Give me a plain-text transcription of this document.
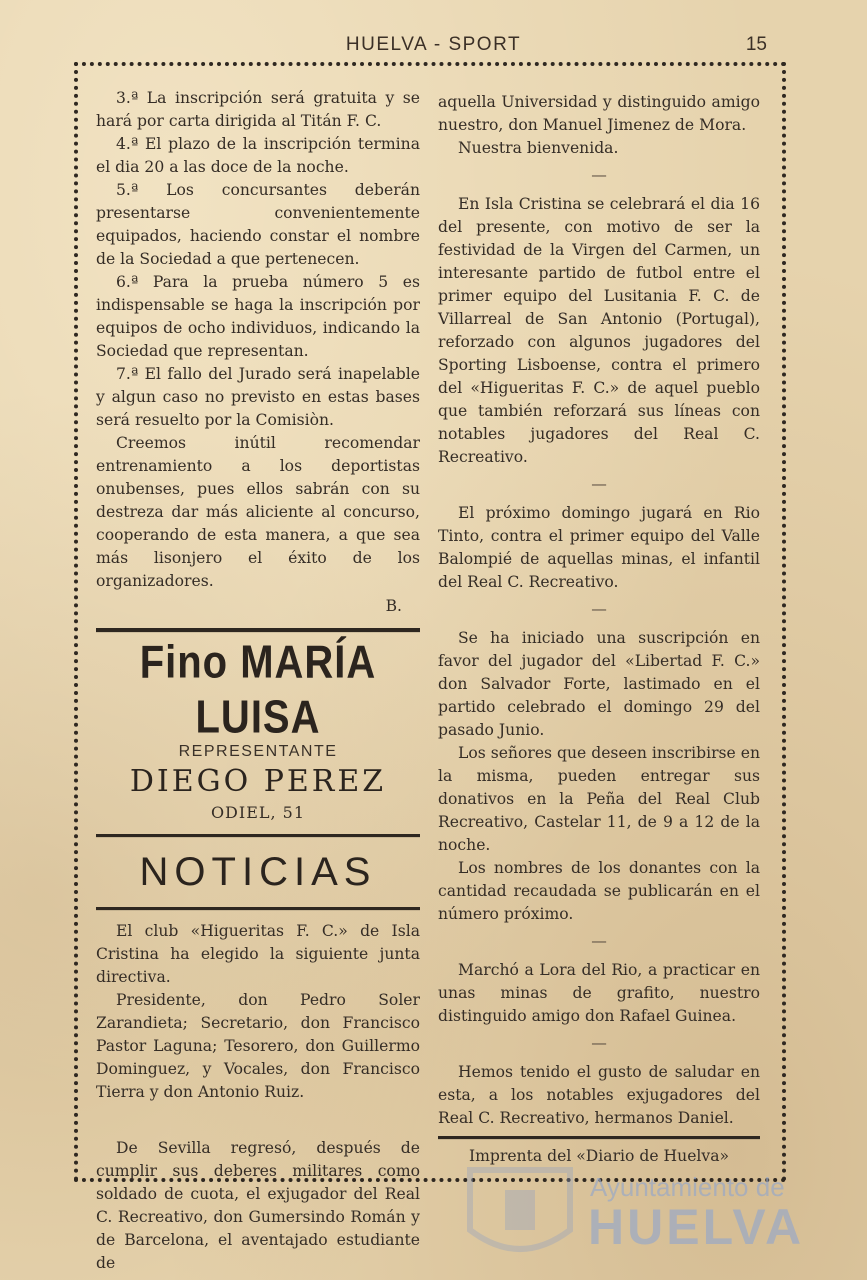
HUELVA - SPORT	15

3.ª La inscripción será gratuita y se hará por carta dirigida al Titán F. C.

4.ª El plazo de la inscripción termina el dia 20 a las doce de la noche.

5.ª Los concursantes deberán presentarse convenientemente equipados, haciendo constar el nombre de la Sociedad a que pertenecen.

6.ª Para la prueba número 5 es indispensable se haga la inscripción por equipos de ocho individuos, indicando la Sociedad que representan.

7.ª El fallo del Jurado será inapelable y algun caso no previsto en estas bases será resuelto por la Comisiòn.

Creemos inútil recomendar entrenamiento a los deportistas onubenses, pues ellos sabrán con su destreza dar más aliciente al concurso, cooperando de esta manera, a que sea más lisonjero el éxito de los organizadores.

B.
Fino MARÍA LUISA
REPRESENTANTE
DIEGO PEREZ
ODIEL, 51
NOTICIAS

El club «Higueritas F. C.» de Isla Cristina ha elegido la siguiente junta directiva.

Presidente, don Pedro Soler Zarandieta; Secretario, don Francisco Pastor Laguna; Tesorero, don Guillermo Dominguez, y Vocales, don Francisco Tierra y don Antonio Ruiz.

De Sevilla regresó, después de cumplir sus deberes militares como soldado de cuota, el exjugador del Real C. Recreativo, don Gumersindo Román y de Barcelona, el aventajado estudiante de

aquella Universidad y distinguido amigo nuestro, don Manuel Jimenez de Mora.

Nuestra bienvenida.

—

En Isla Cristina se celebrará el dia 16 del presente, con motivo de ser la festividad de la Virgen del Carmen, un interesante partido de futbol entre el primer equipo del Lusitania F. C. de Villarreal de San Antonio (Portugal), reforzado con algunos jugadores del Sporting Lisboense, contra el primero del «Higueritas F. C.» de aquel pueblo que también reforzará sus líneas con notables jugadores del Real C. Recreativo.

—

El próximo domingo jugará en Rio Tinto, contra el primer equipo del Valle Balompié de aquellas minas, el infantil del Real C. Recreativo.

—

Se ha iniciado una suscripción en favor del jugador del «Libertad F. C.» don Salvador Forte, lastimado en el partido celebrado el domingo 29 del pasado Junio.

Los señores que deseen inscribirse en la misma, pueden entregar sus donativos en la Peña del Real Club Recreativo, Castelar 11, de 9 a 12 de la noche.

Los nombres de los donantes con la cantidad recaudada se publicarán en el número próximo.

—

Marchó a Lora del Rio, a practicar en unas minas de grafito, nuestro distinguido amigo don Rafael Guinea.

—

Hemos tenido el gusto de saludar en esta, a los notables exjugadores del Real C. Recreativo, hermanos Daniel.

Imprenta del «Diario de Huelva»
Ayuntamiento de
HUELVA
